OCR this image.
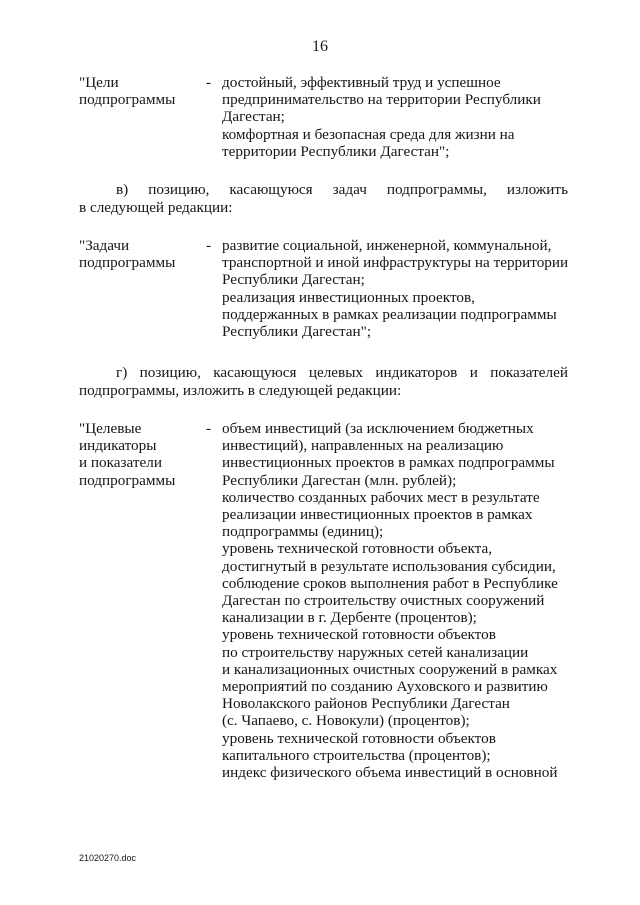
16
"Цели
подпрограммы
- достойный, эффективный труд и успешное
предпринимательство на территории Республики
Дагестан;
комфортная и безопасная среда для жизни на
территории Республики Дагестан";
в) позицию, касающуюся задач подпрограммы, изложить
в следующей редакции:
"Задачи
подпрограммы
- развитие социальной, инженерной, коммунальной,
транспортной и иной инфраструктуры на территории
Республики Дагестан;
реализация инвестиционных проектов,
поддержанных в рамках реализации подпрограммы
Республики Дагестан";
г) позицию, касающуюся целевых индикаторов и показателей
подпрограммы, изложить в следующей редакции:
"Целевые
индикаторы
и показатели
подпрограммы
- объем инвестиций (за исключением бюджетных
инвестиций), направленных на реализацию
инвестиционных проектов в рамках подпрограммы
Республики Дагестан (млн. рублей);
количество созданных рабочих мест в результате
реализации инвестиционных проектов в рамках
подпрограммы (единиц);
уровень технической готовности объекта,
достигнутый в результате использования субсидии,
соблюдение сроков выполнения работ в Республике
Дагестан по строительству очистных сооружений
канализации в г. Дербенте (процентов);
уровень технической готовности объектов
по строительству наружных сетей канализации
и канализационных очистных сооружений в рамках
мероприятий по созданию Ауховского и развитию
Новолакского районов Республики Дагестан
(с. Чапаево, с. Новокули) (процентов);
уровень технической готовности объектов
капитального строительства (процентов);
индекс физического объема инвестиций в основной
21020270.doc
